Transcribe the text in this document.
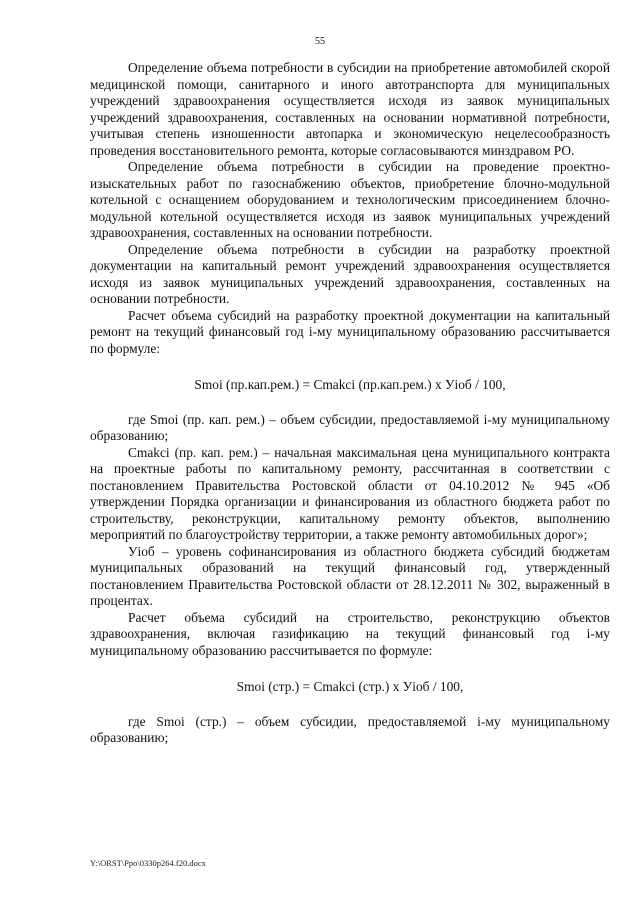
55

Определение объема потребности в субсидии на приобретение автомобилей скорой медицинской помощи, санитарного и иного автотранспорта для муниципальных учреждений здравоохранения осуществляется исходя из заявок муниципальных учреждений здравоохранения, составленных на основании нормативной потребности, учитывая степень изношенности автопарка и экономическую нецелесообразность проведения восстановительного ремонта, которые согласовываются минздравом РО.

Определение объема потребности в субсидии на проведение проектно-изыскательных работ по газоснабжению объектов, приобретение блочно-модульной котельной с оснащением оборудованием и технологическим присоединением блочно-модульной котельной осуществляется исходя из заявок муниципальных учреждений здравоохранения, составленных на основании потребности.

Определение объема потребности в субсидии на разработку проектной документации на капитальный ремонт учреждений здравоохранения осуществляется исходя из заявок муниципальных учреждений здравоохранения, составленных на основании потребности.

Расчет объема субсидий на разработку проектной документации на капитальный ремонт на текущий финансовый год i-му муниципальному образованию рассчитывается по формуле:

Smoi (пр.кап.рем.) = Cmakci (пр.кап.рем.) х Уioб / 100,

где Smoi (пр. кап. рем.) – объем субсидии, предоставляемой i-му муниципальному образованию;

Cmakci (пр. кап. рем.) – начальная максимальная цена муниципального контракта на проектные работы по капитальному ремонту, рассчитанная в соответствии с постановлением Правительства Ростовской области от 04.10.2012 № 945 «Об утверждении Порядка организации и финансирования из областного бюджета работ по строительству, реконструкции, капитальному ремонту объектов, выполнению мероприятий по благоустройству территории, а также ремонту автомобильных дорог»;

Уioб – уровень софинансирования из областного бюджета субсидий бюджетам муниципальных образований на текущий финансовый год, утвержденный постановлением Правительства Ростовской области от 28.12.2011 № 302, выраженный в процентах.

Расчет объема субсидий на строительство, реконструкцию объектов здравоохранения, включая газификацию на текущий финансовый год i-му муниципальному образованию рассчитывается по формуле:

Smoi (стр.) = Cmakci (стр.) х Уioб / 100,

где Smoi (стр.) – объем субсидии, предоставляемой i-му муниципальному образованию;

Y:\ORST\Ppo\0330p264.f20.docx
